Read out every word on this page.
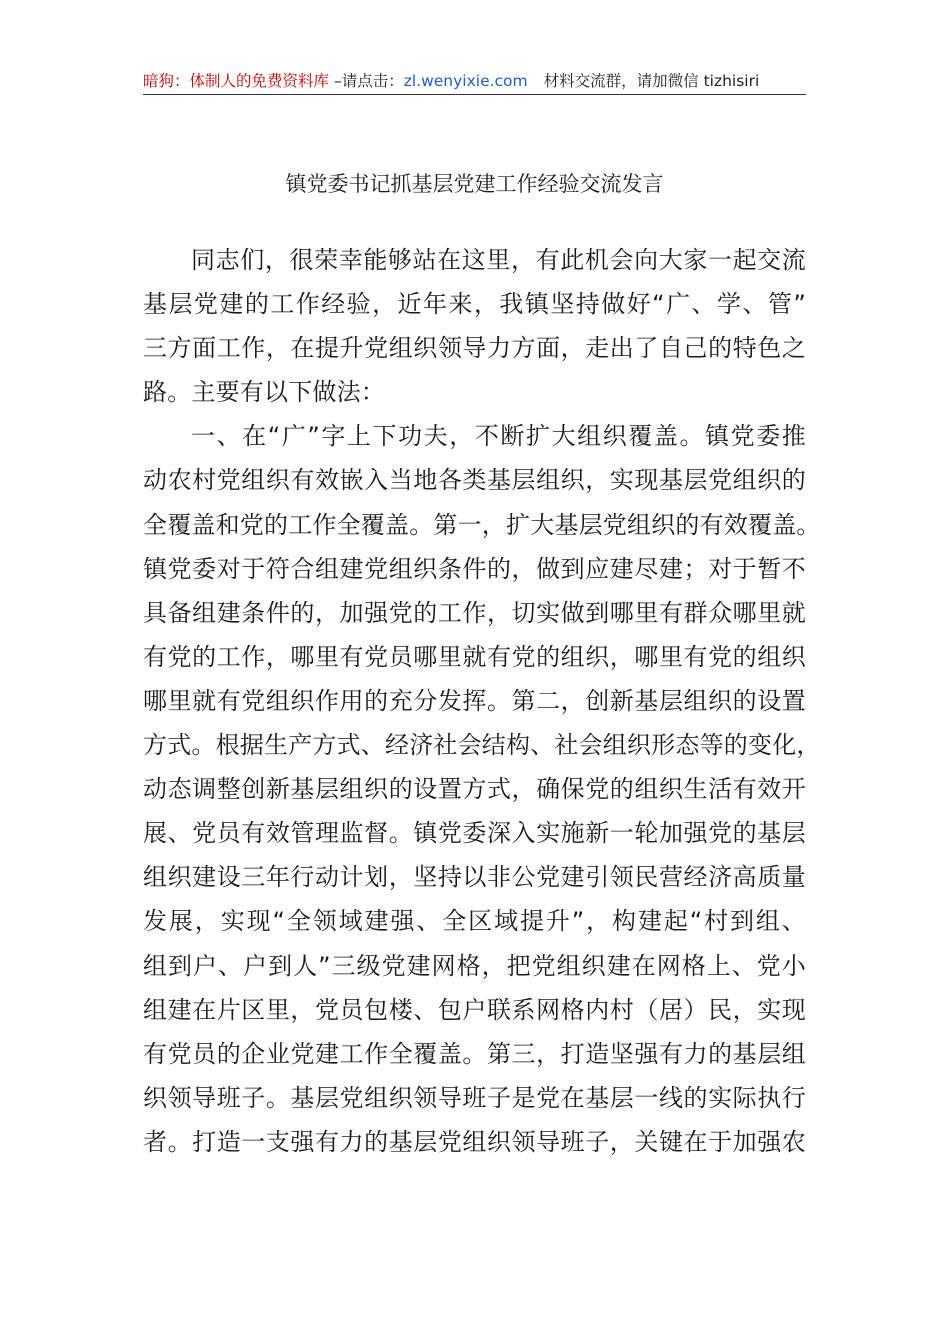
暗狗：体制人的免费资料库 –请点击：zl.wenyixie.com 材料交流群，请加微信 tizhisiri
镇党委书记抓基层党建工作经验交流发言
同志们，很荣幸能够站在这里，有此机会向大家一起交流
基层党建的工作经验，近年来，我镇坚持做好“广、学、管”
三方面工作，在提升党组织领导力方面，走出了自己的特色之
路。主要有以下做法：
一、在“广”字上下功夫，不断扩大组织覆盖。镇党委推
动农村党组织有效嵌入当地各类基层组织，实现基层党组织的
全覆盖和党的工作全覆盖。第一，扩大基层党组织的有效覆盖。
镇党委对于符合组建党组织条件的，做到应建尽建；对于暂不
具备组建条件的，加强党的工作，切实做到哪里有群众哪里就
有党的工作，哪里有党员哪里就有党的组织，哪里有党的组织
哪里就有党组织作用的充分发挥。第二，创新基层组织的设置
方式。根据生产方式、经济社会结构、社会组织形态等的变化，
动态调整创新基层组织的设置方式，确保党的组织生活有效开
展、党员有效管理监督。镇党委深入实施新一轮加强党的基层
组织建设三年行动计划，坚持以非公党建引领民营经济高质量
发展，实现“全领域建强、全区域提升”，构建起“村到组、
组到户、户到人”三级党建网格，把党组织建在网格上、党小
组建在片区里，党员包楼、包户联系网格内村（居）民，实现
有党员的企业党建工作全覆盖。第三，打造坚强有力的基层组
织领导班子。基层党组织领导班子是党在基层一线的实际执行
者。打造一支强有力的基层党组织领导班子，关键在于加强农
